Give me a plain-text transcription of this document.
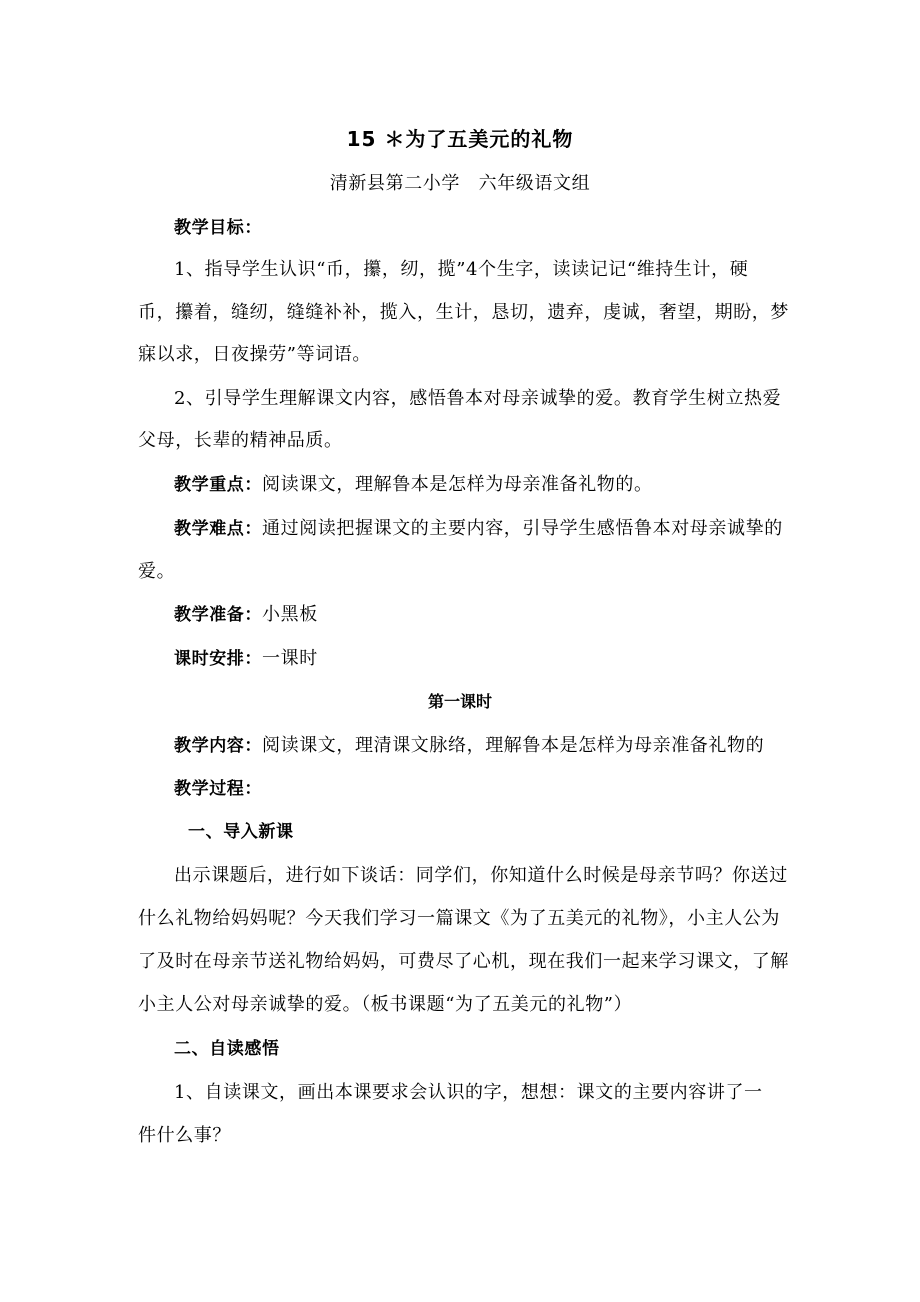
15 ＊为了五美元的礼物
清新县第二小学　六年级语文组
教学目标：
1、指导学生认识“币，攥，纫，揽”4个生字，读读记记“维持生计，硬
币，攥着，缝纫，缝缝补补，揽入，生计，恳切，遗弃，虔诚，奢望，期盼，梦
寐以求，日夜操劳”等词语。
2、引导学生理解课文内容，感悟鲁本对母亲诚挚的爱。教育学生树立热爱
父母，长辈的精神品质。
教学重点：阅读课文，理解鲁本是怎样为母亲准备礼物的。
教学难点：通过阅读把握课文的主要内容，引导学生感悟鲁本对母亲诚挚的
爱。
教学准备：小黑板
课时安排：一课时
第一课时
教学内容：阅读课文，理清课文脉络，理解鲁本是怎样为母亲准备礼物的
教学过程：
一、导入新课
出示课题后，进行如下谈话：同学们，你知道什么时候是母亲节吗？你送过
什么礼物给妈妈呢？今天我们学习一篇课文《为了五美元的礼物》，小主人公为
了及时在母亲节送礼物给妈妈，可费尽了心机，现在我们一起来学习课文，了解
小主人公对母亲诚挚的爱。（板书课题“为了五美元的礼物”）
二、自读感悟
1、自读课文，画出本课要求会认识的字，想想：课文的主要内容讲了一
件什么事？
